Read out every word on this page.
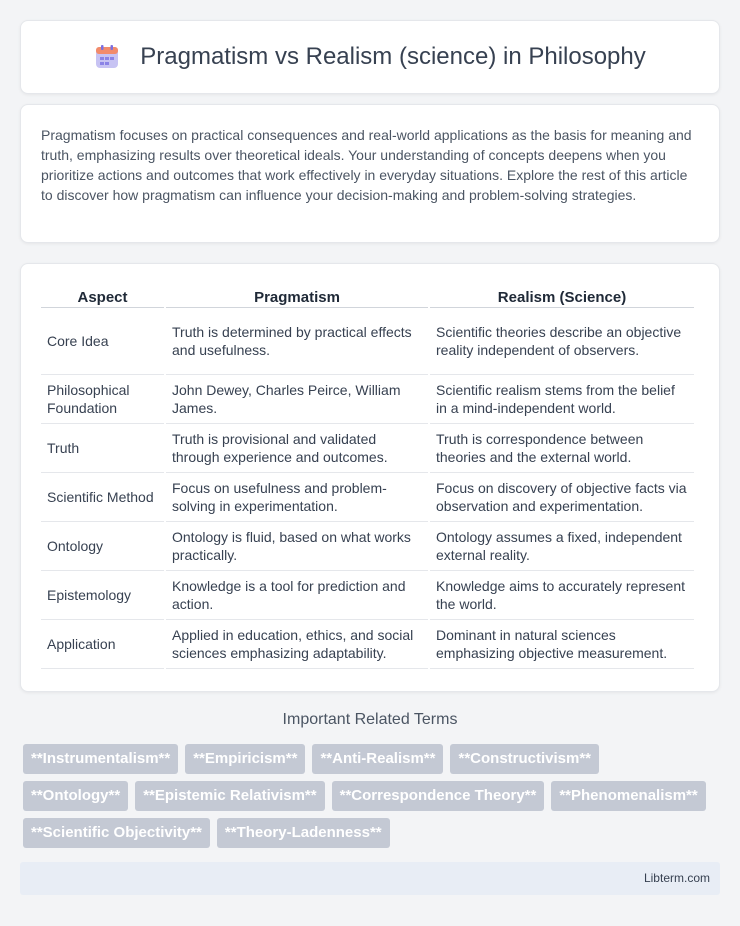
Pragmatism vs Realism (science) in Philosophy

Pragmatism focuses on practical consequences and real-world applications as the basis for meaning and truth, emphasizing results over theoretical ideals. Your understanding of concepts deepens when you prioritize actions and outcomes that work effectively in everyday situations. Explore the rest of this article to discover how pragmatism can influence your decision-making and problem-solving strategies.

Aspect	Pragmatism	Realism (Science)
Core Idea	Truth is determined by practical effects and usefulness.	Scientific theories describe an objective reality independent of observers.
Philosophical Foundation	John Dewey, Charles Peirce, William James.	Scientific realism stems from the belief in a mind-independent world.
Truth	Truth is provisional and validated through experience and outcomes.	Truth is correspondence between theories and the external world.
Scientific Method	Focus on usefulness and problem-solving in experimentation.	Focus on discovery of objective facts via observation and experimentation.
Ontology	Ontology is fluid, based on what works practically.	Ontology assumes a fixed, independent external reality.
Epistemology	Knowledge is a tool for prediction and action.	Knowledge aims to accurately represent the world.
Application	Applied in education, ethics, and social sciences emphasizing adaptability.	Dominant in natural sciences emphasizing objective measurement.
Important Related Terms
**Instrumentalism**	**Empiricism**	**Anti-Realism**	**Constructivism**
**Ontology**	**Epistemic Relativism**	**Correspondence Theory**	**Phenomenalism**
**Scientific Objectivity**	**Theory-Ladenness**
Libterm.com
